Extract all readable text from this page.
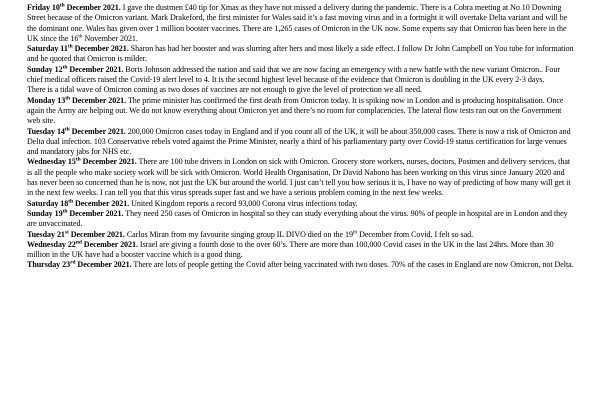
Friday 10th December 2021. I gave the dustmen £40 tip for Xmas as they have not missed a delivery during the pandemic. There is a Cobra meeting at No 10 Downing Street because of the Omicron variant. Mark Drakeford, the first minister for Wales said it’s a fast moving virus and in a fortnight it will overtake Delta variant and will be the dominant one. Wales has given over 1 million booster vaccines. There are 1,265 cases of Omicron in the UK now. Some experts say that Omicron has been here in the UK since the 16th November 2021.

Saturday 11th December 2021. Sharon has had her booster and was slurring after hers and most likely a side effect. I follow Dr John Campbell on You tube for information and he quoted that Omicron is milder.

Sunday 12th December 2021. Boris Johnson addressed the nation and said that we are now facing an emergency with a new battle with the new variant Omicron.. Four chief medical officers raised the Covid-19 alert level to 4. It is the second highest level because of the evidence that Omicron is doubling in the UK every 2-3 days.

There is a tidal wave of Omicron coming as two doses of vaccines are not enough to give the level of protection we all need.

Monday 13th December 2021. The prime minister has confirmed the first death from Omicron today. It is spiking now in London and is producing hospitalisation. Once again the Army are helping out. We do not know everything about Omicron yet and there’s no room for complacencies. The lateral flow tests ran out on the Government web site.

Tuesday 14th December 2021. 200,000 Omicron cases today in England and if you count all of the UK, it will be about 350,000 cases. There is now a risk of Omicron and Delta dual infection. 103 Conservative rebels voted against the Prime Minister, nearly a third of his parliamentary party over Covid-19 status certification for large venues and mandatory jabs for NHS etc.

Wednesday 15th December 2021. There are 100 tube drivers in London on sick with Omicron. Grocery store workers, nurses, doctors, Postmen and delivery services, that is all the people who make society work will be sick with Omicron. World Health Organisation, Dr David Nabono has been working on this virus since January 2020 and has never been so concerned than he is now, not just the UK but around the world. I just can’t tell you how serious it is, I have no way of predicting of how many will get it in the next few weeks. I can tell you that this virus spreads super fast and we have a serious problem coming in the next few weeks.

Saturday 18th December 2021. United Kingdom reports a record 93,000 Corona virus infections today.

Sunday 19th December 2021. They need 250 cases of Omicron in hospital so they can study everything about the virus. 90% of people in hospital are in London and they are unvaccinated.

Tuesday 21st December 2021. Carlos Miran from my favourite singing group IL DIVO died on the 19th December from Covid. I felt so sad.

Wednesday 22nd December 2021. Israel are giving a fourth dose to the over 60’s. There are more than 100,000 Covid cases in the UK in the last 24hrs. More than 30 million in the UK have had a booster vaccine which is a good thing.

Thursday 23rd December 2021. There are lots of people getting the Covid after being vaccinated with two doses. 70% of the cases in England are now Omicron, not Delta.
